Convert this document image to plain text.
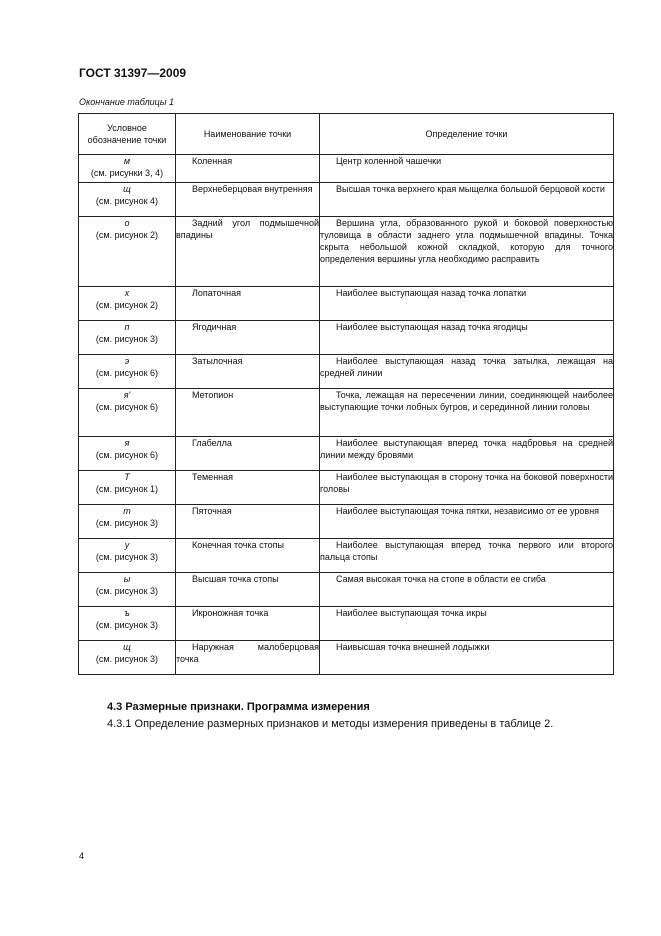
ГОСТ 31397—2009
Окончание таблицы 1
Условное обозначение точки	Наименование точки	Определение точки

м
(см. рисунки 3, 4)	Коленная	Центр коленной чашечки

щ
(см. рисунок 4)	Верхнеберцовая внутренняя	Высшая точка верхнего края мыщелка большой берцовой кости

о
(см. рисунок 2)	Задний угол подмышечной впадины	Вершина угла, образованного рукой и боковой поверхностью туловища в области заднего угла подмышечной впадины. Точка скрыта небольшой кожной складкой, которую для точного определения вершины угла необходимо расправить

х
(см. рисунок 2)	Лопаточная	Наиболее выступающая назад точка лопатки

п
(см. рисунок 3)	Ягодичная	Наиболее выступающая назад точка ягодицы

э
(см. рисунок 6)	Затылочная	Наиболее выступающая назад точка затылка, лежащая на средней линии

я'
(см. рисунок 6)	Метопион	Точка, лежащая на пересечении линии, соединяющей наиболее выступающие точки лобных бугров, и серединной линии головы

я
(см. рисунок 6)	Глабелла	Наиболее выступающая вперед точка надбровья на средней линии между бровями

Т
(см. рисунок 1)	Теменная	Наиболее выступающая в сторону точка на боковой поверхности головы

т
(см. рисунок 3)	Пяточная	Наиболее выступающая точка пятки, независимо от ее уровня

у
(см. рисунок 3)	Конечная точка стопы	Наиболее выступающая вперед точка первого или второго пальца стопы

ы
(см. рисунок 3)	Высшая точка стопы	Самая высокая точка на стопе в области ее сгиба

ъ
(см. рисунок 3)	Икроножная точка	Наиболее выступающая точка икры

щ
(см. рисунок 3)	Наружная малоберцовая точка	Наивысшая точка внешней лодыжки
4.3 Размерные признаки. Программа измерения
4.3.1 Определение размерных признаков и методы измерения приведены в таблице 2.
4
